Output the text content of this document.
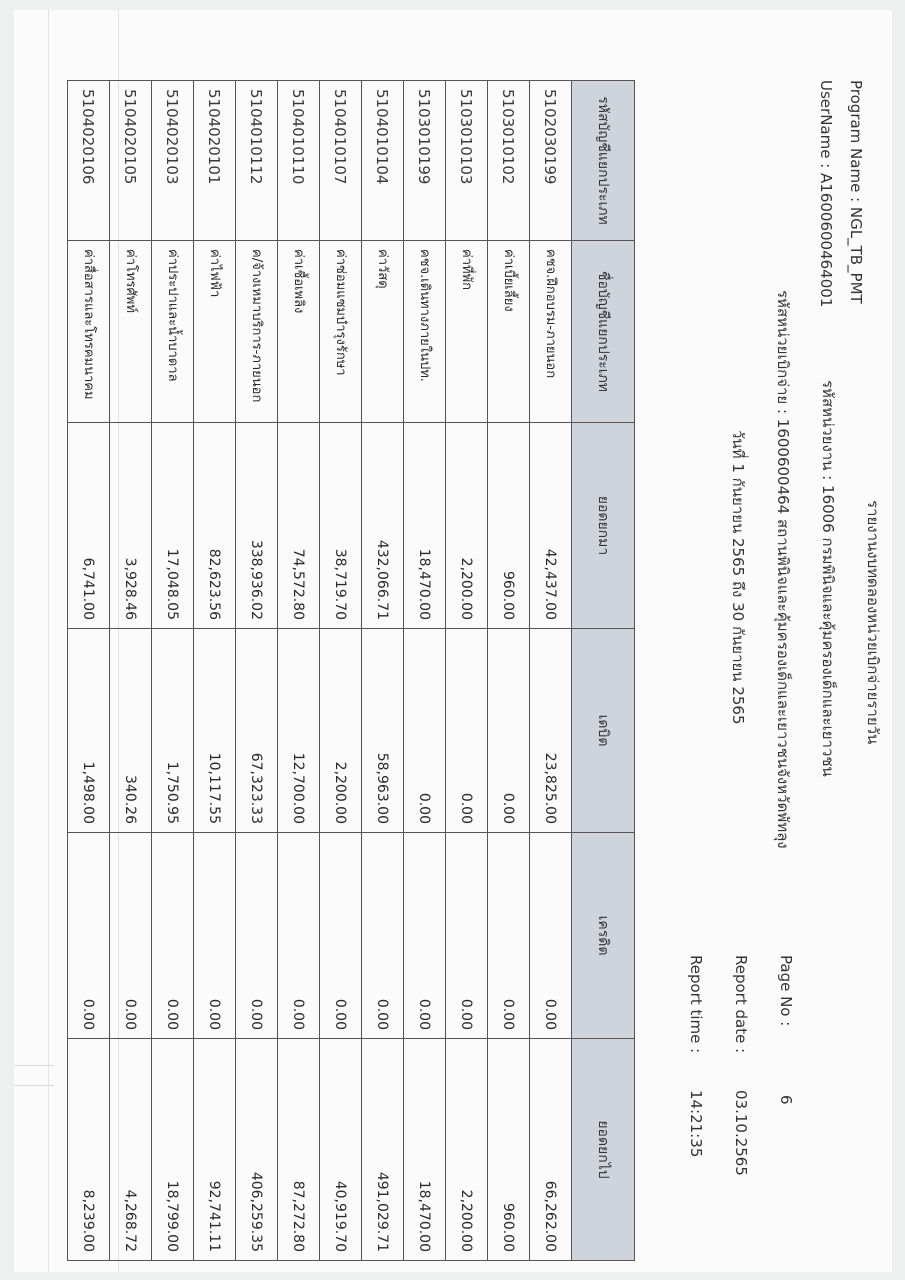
Program Name : NGL_TB_PMT
UserName : A1600600464001
รายงานงบทดลองหน่วยเบิกจ่ายรายวัน
รหัสหน่วยงาน : 16006 กรมพินิจและคุ้มครองเด็กและเยาวชน
รหัสหน่วยเบิกจ่าย : 1600600464 สถานพินิจและคุ้มครองเด็กและเยาวชนจังหวัดพัทลุง
วันที่ 1 กันยายน 2565 ถึง 30 กันยายน 2565
Page No :
6
Report date :
03.10.2565
Report time :
14:21:35
รหัสบัญชีแยกประเภท	ชื่อบัญชีแยกประเภท	ยอดยกมา	เดบิต	เครดิต	ยอดยกไป
5102030199	คชจ.ฝึกอบรม-ภายนอก	42,437.00	23,825.00	0.00	66,262.00
5103010102	ค่าเบี้ยเลี้ยง	960.00	0.00	0.00	960.00
5103010103	ค่าที่พัก	2,200.00	0.00	0.00	2,200.00
5103010199	คชจ.เดินทางภายในปท.	18,470.00	0.00	0.00	18,470.00
5104010104	ค่าวัสดุ	432,066.71	58,963.00	0.00	491,029.71
5104010107	ค่าซ่อมแซมบำรุงรักษา	38,719.70	2,200.00	0.00	40,919.70
5104010110	ค่าเชื้อเพลิง	74,572.80	12,700.00	0.00	87,272.80
5104010112	ค/จ้างเหมาบริการ-ภายนอก	338,936.02	67,323.33	0.00	406,259.35
5104020101	ค่าไฟฟ้า	82,623.56	10,117.55	0.00	92,741.11
5104020103	ค่าประปาและน้ำบาดาล	17,048.05	1,750.95	0.00	18,799.00
5104020105	ค่าโทรศัพท์	3,928.46	340.26	0.00	4,268.72
5104020106	ค่าสื่อสารและโทรคมนาคม	6,741.00	1,498.00	0.00	8,239.00
